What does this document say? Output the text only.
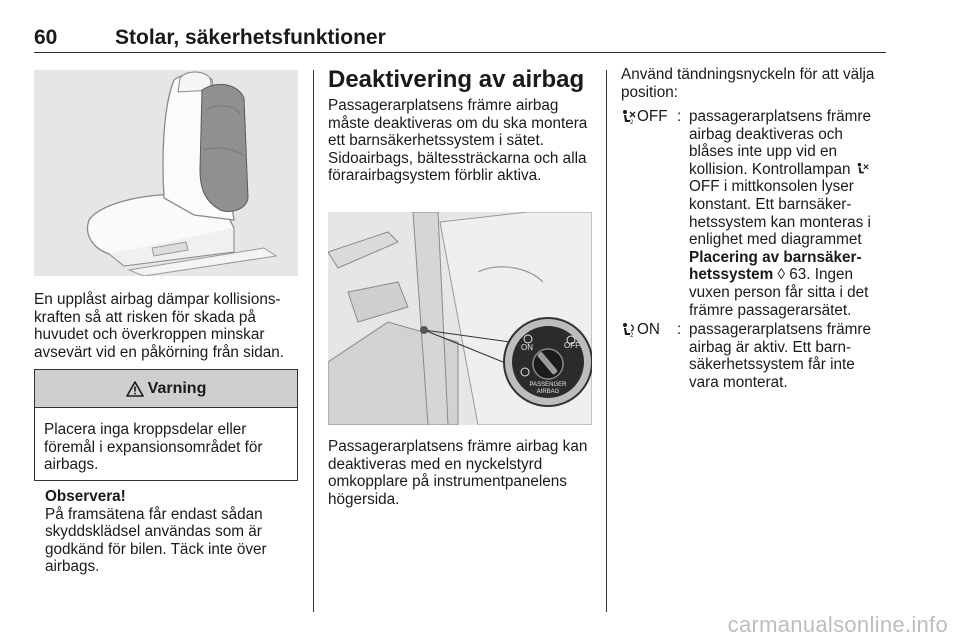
60	Stolar, säkerhetsfunktioner

En upplåst airbag dämpar kollisionskraften så att risken för skada på huvudet och överkroppen minskar avsevärt vid en påkörning från sidan.

Varning
Placera inga kroppsdelar eller föremål i expansionsområdet för airbags.
Observera!

På framsätena får endast sådan skyddsklädsel användas som är godkänd för bilen. Täck inte över airbags.

Deaktivering av airbag

Passagerarplatsens främre airbag måste deaktiveras om du ska montera ett barnsäkerhetssystem i sätet. Sidoairbags, bältessträckarna och alla förarairbagsystem förblir aktiva.

ON	OFF
PASSENGER
AIRBAG

Passagerarplatsens främre airbag kan deaktiveras med en nyckelstyrd omkopplare på instrumentpanelens högersida.

Använd tändningsnyckeln för att välja position:

2 OFF : passagerarplatsens främre airbag deaktiveras och blåses inte upp vid en kollision. Kontrollampan OFF i mittkonsolen lyser konstant. Ett barnsäkerhetssystem kan monteras i enlighet med diagrammet Placering av barnsäkerhetssystem ◊ 63. Ingen vuxen person får sitta i det främre passagerarsätet.
2 ON : passagerarplatsens främre airbag är aktiv. Ett barnsäkerhetssystem får inte vara monterat.
carmanualsonline.info
